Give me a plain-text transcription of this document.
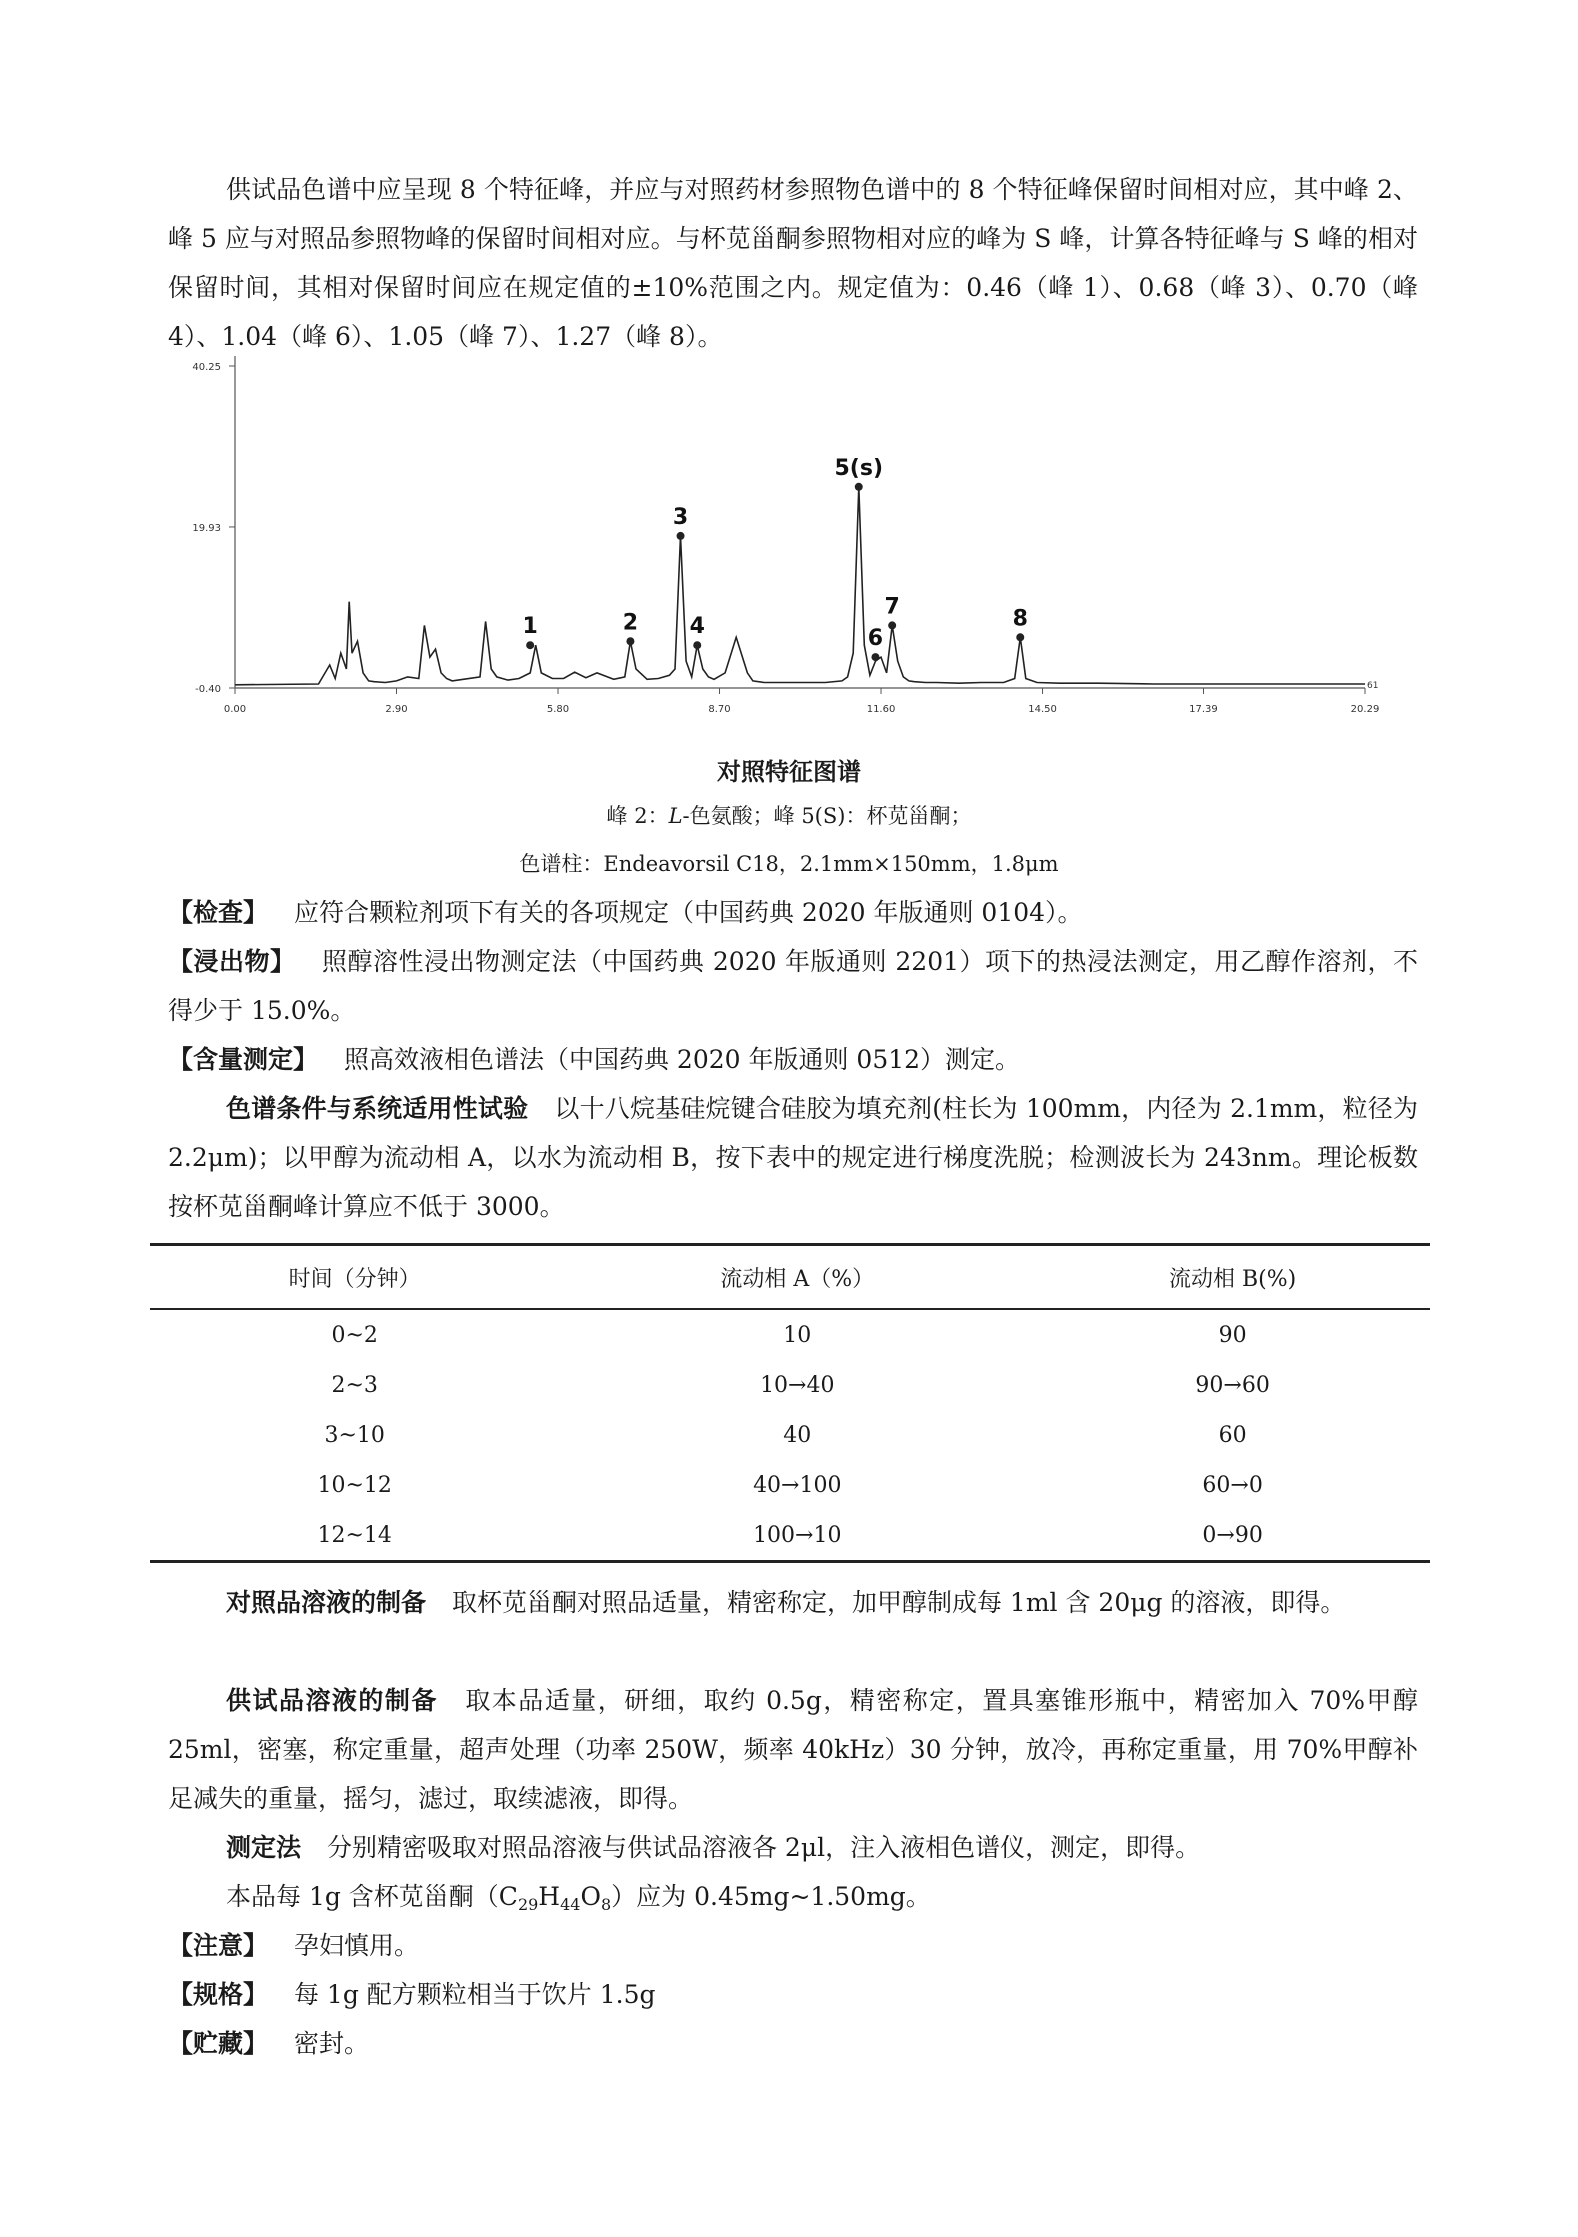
供试品色谱中应呈现 8 个特征峰，并应与对照药材参照物色谱中的 8 个特征峰保留时间相对应，其中峰 2、峰 5 应与对照品参照物峰的保留时间相对应。与杯苋甾酮参照物相对应的峰为 S 峰，计算各特征峰与 S 峰的相对保留时间，其相对保留时间应在规定值的±10%范围之内。规定值为：0.46（峰 1）、0.68（峰 3）、0.70（峰 4）、1.04（峰 6）、1.05（峰 7）、1.27（峰 8）。
0.00	2.90	5.80	8.70	11.60	14.50	17.39	20.29
40.25
19.93
-0.40
1	2
3
4
5(s)
6
7	8
61
对照特征图谱
峰 2：L-色氨酸；峰 5(S)：杯苋甾酮；
色谱柱：Endeavorsil C18，2.1mm×150mm，1.8μm
【检查】 应符合颗粒剂项下有关的各项规定（中国药典 2020 年版通则 0104）。
【浸出物】 照醇溶性浸出物测定法（中国药典 2020 年版通则 2201）项下的热浸法测定，用乙醇作溶剂，不得少于 15.0%。
【含量测定】 照高效液相色谱法（中国药典 2020 年版通则 0512）测定。
色谱条件与系统适用性试验 以十八烷基硅烷键合硅胶为填充剂(柱长为 100mm，内径为 2.1mm，粒径为 2.2μm)；以甲醇为流动相 A，以水为流动相 B，按下表中的规定进行梯度洗脱；检测波长为 243nm。理论板数按杯苋甾酮峰计算应不低于 3000。
时间（分钟）	流动相 A（%）	流动相 B(%)
0~2	10	90
2~3	10→40	90→60
3~10	40	60
10~12	40→100	60→0
12~14	100→10	0→90
对照品溶液的制备 取杯苋甾酮对照品适量，精密称定，加甲醇制成每 1ml 含 20μg 的溶液，即得。
供试品溶液的制备 取本品适量，研细，取约 0.5g，精密称定，置具塞锥形瓶中，精密加入 70%甲醇 25ml，密塞，称定重量，超声处理（功率 250W，频率 40kHz）30 分钟，放冷，再称定重量，用 70%甲醇补足减失的重量，摇匀，滤过，取续滤液，即得。
测定法 分别精密吸取对照品溶液与供试品溶液各 2μl，注入液相色谱仪，测定，即得。
本品每 1g 含杯苋甾酮$(C_{29}H_{44}O_8)$应为 0.45mg~1.50mg。
【注意】 孕妇慎用。
【规格】 每 1g 配方颗粒相当于饮片 1.5g
【贮藏】 密封。
